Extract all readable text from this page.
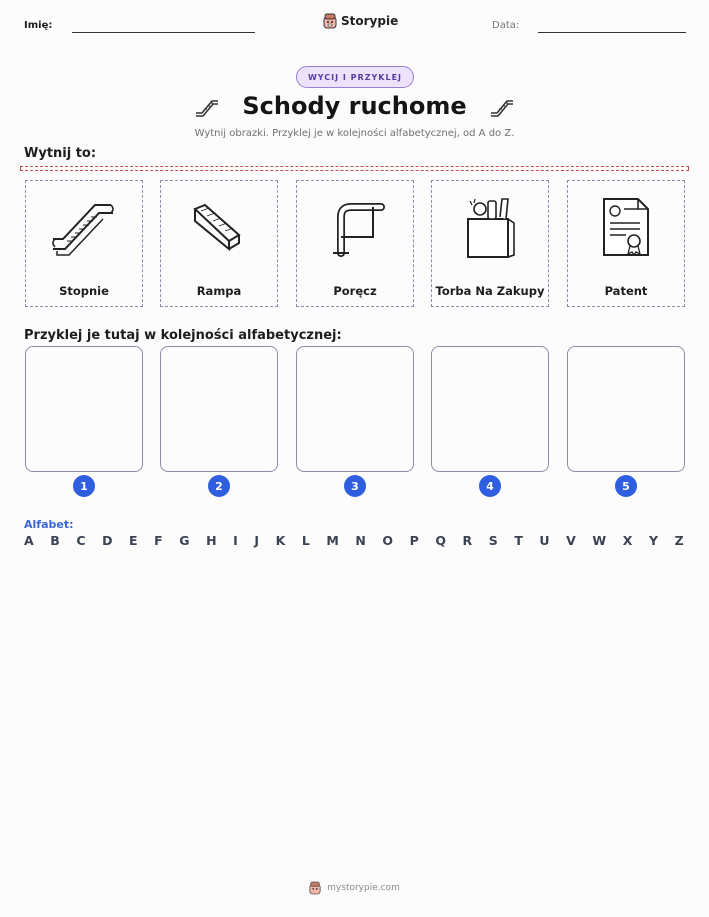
Imię:	Storypie	Data:
WYCIJ I PRZYKLEJ
Schody ruchome
Wytnij obrazki. Przyklej je w kolejności alfabetycznej, od A do Z.
Wytnij to:
Stopnie	Rampa	Poręcz	Torba Na Zakupy	Patent
Przyklej je tutaj w kolejności alfabetycznej:
1	2	3	4	5
Alfabet:
A B C D E F G H I J K L M N O P Q R S T U V W X Y Z
mystorypie.com
